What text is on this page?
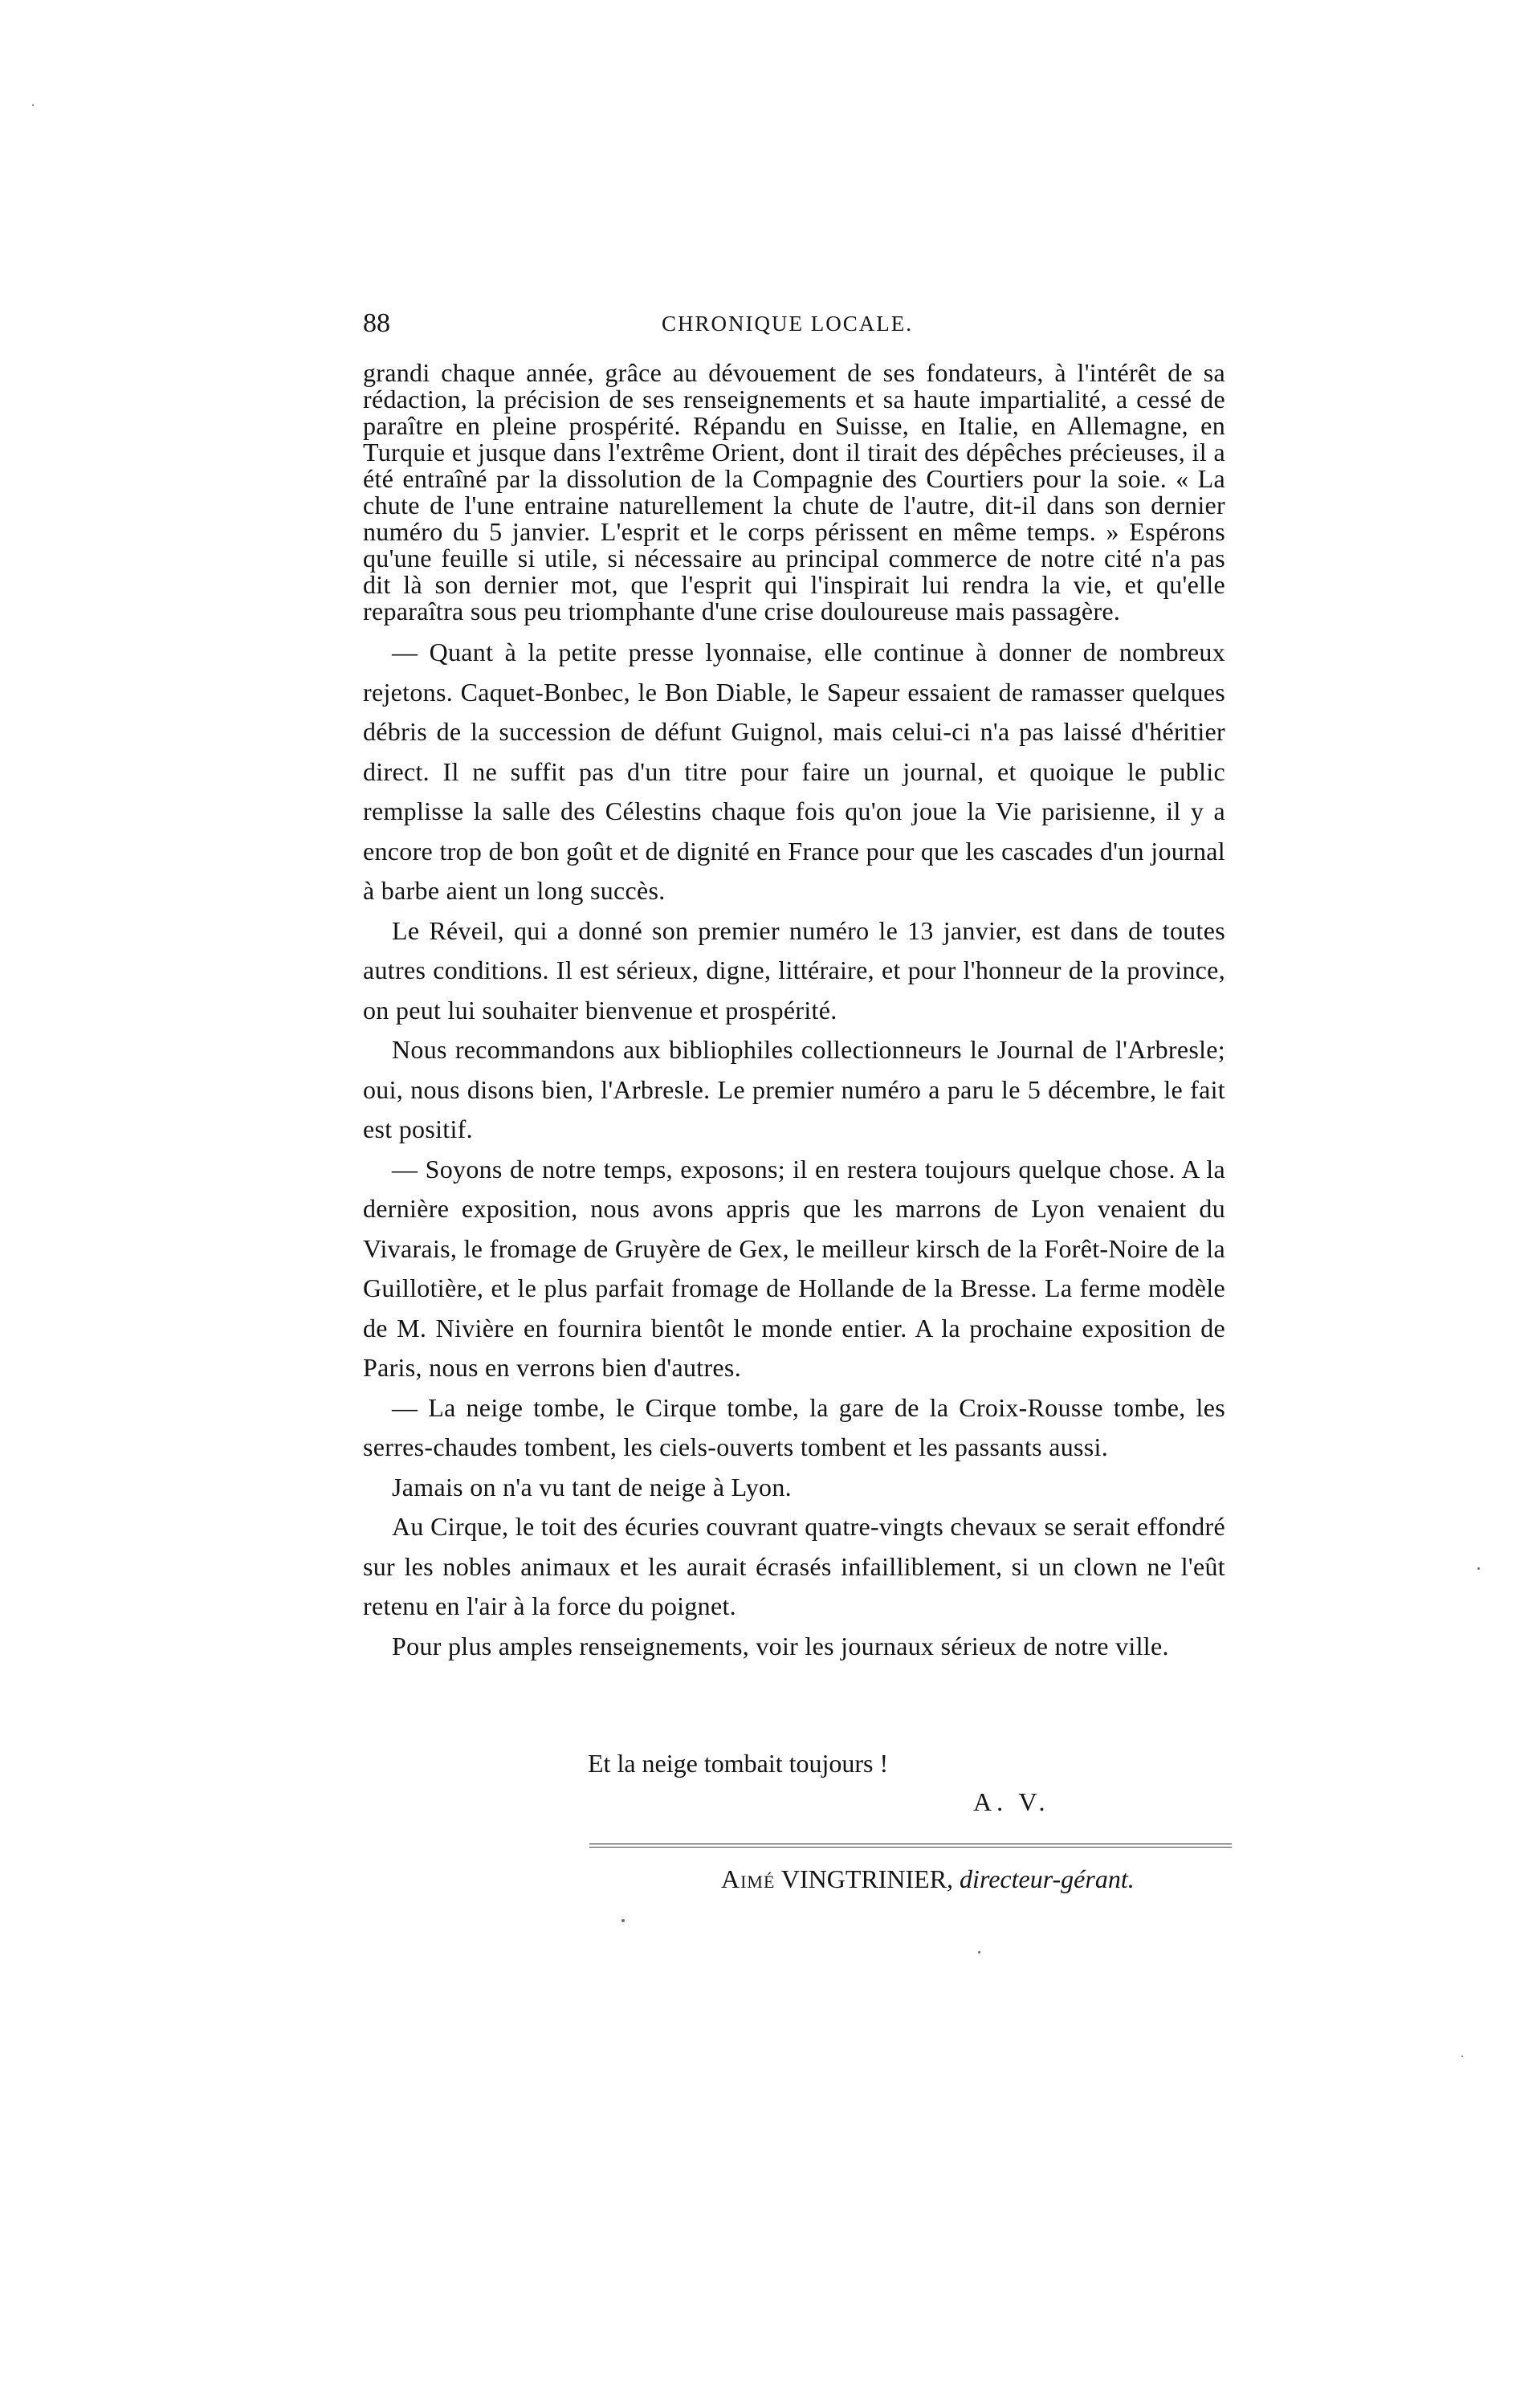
88	CHRONIQUE LOCALE.

grandi chaque année, grâce au dévouement de ses fondateurs, à l'intérêt de sa rédaction, la précision de ses renseignements et sa haute impartialité, a cessé de paraître en pleine prospérité. Répandu en Suisse, en Italie, en Allemagne, en Turquie et jusque dans l'extrême Orient, dont il tirait des dépêches précieuses, il a été entraîné par la dissolution de la Compagnie des Courtiers pour la soie. « La chute de l'une entraine naturellement la chute de l'autre, dit-il dans son dernier numéro du 5 janvier. L'esprit et le corps périssent en même temps. » Espérons qu'une feuille si utile, si nécessaire au principal commerce de notre cité n'a pas dit là son dernier mot, que l'esprit qui l'inspirait lui rendra la vie, et qu'elle reparaîtra sous peu triomphante d'une crise douloureuse mais passagère.

— Quant à la petite presse lyonnaise, elle continue à donner de nombreux rejetons. Caquet-Bonbec, le Bon Diable, le Sapeur essaient de ramasser quelques débris de la succession de défunt Guignol, mais celui-ci n'a pas laissé d'héritier direct. Il ne suffit pas d'un titre pour faire un journal, et quoique le public remplisse la salle des Célestins chaque fois qu'on joue la Vie parisienne, il y a encore trop de bon goût et de dignité en France pour que les cascades d'un journal à barbe aient un long succès.

Le Réveil, qui a donné son premier numéro le 13 janvier, est dans de toutes autres conditions. Il est sérieux, digne, littéraire, et pour l'honneur de la province, on peut lui souhaiter bienvenue et prospérité.

Nous recommandons aux bibliophiles collectionneurs le Journal de l'Arbresle; oui, nous disons bien, l'Arbresle. Le premier numéro a paru le 5 décembre, le fait est positif.

— Soyons de notre temps, exposons; il en restera toujours quelque chose. A la dernière exposition, nous avons appris que les marrons de Lyon venaient du Vivarais, le fromage de Gruyère de Gex, le meilleur kirsch de la Forêt-Noire de la Guillotière, et le plus parfait fromage de Hollande de la Bresse. La ferme modèle de M. Nivière en fournira bientôt le monde entier. A la prochaine exposition de Paris, nous en verrons bien d'autres.

— La neige tombe, le Cirque tombe, la gare de la Croix-Rousse tombe, les serres-chaudes tombent, les ciels-ouverts tombent et les passants aussi.

Jamais on n'a vu tant de neige à Lyon.

Au Cirque, le toit des écuries couvrant quatre-vingts chevaux se serait effondré sur les nobles animaux et les aurait écrasés infailliblement, si un clown ne l'eût retenu en l'air à la force du poignet.

Pour plus amples renseignements, voir les journaux sérieux de notre ville.

Et la neige tombait toujours !
A. V.
Aimé VINGTRINIER, directeur-gérant.
